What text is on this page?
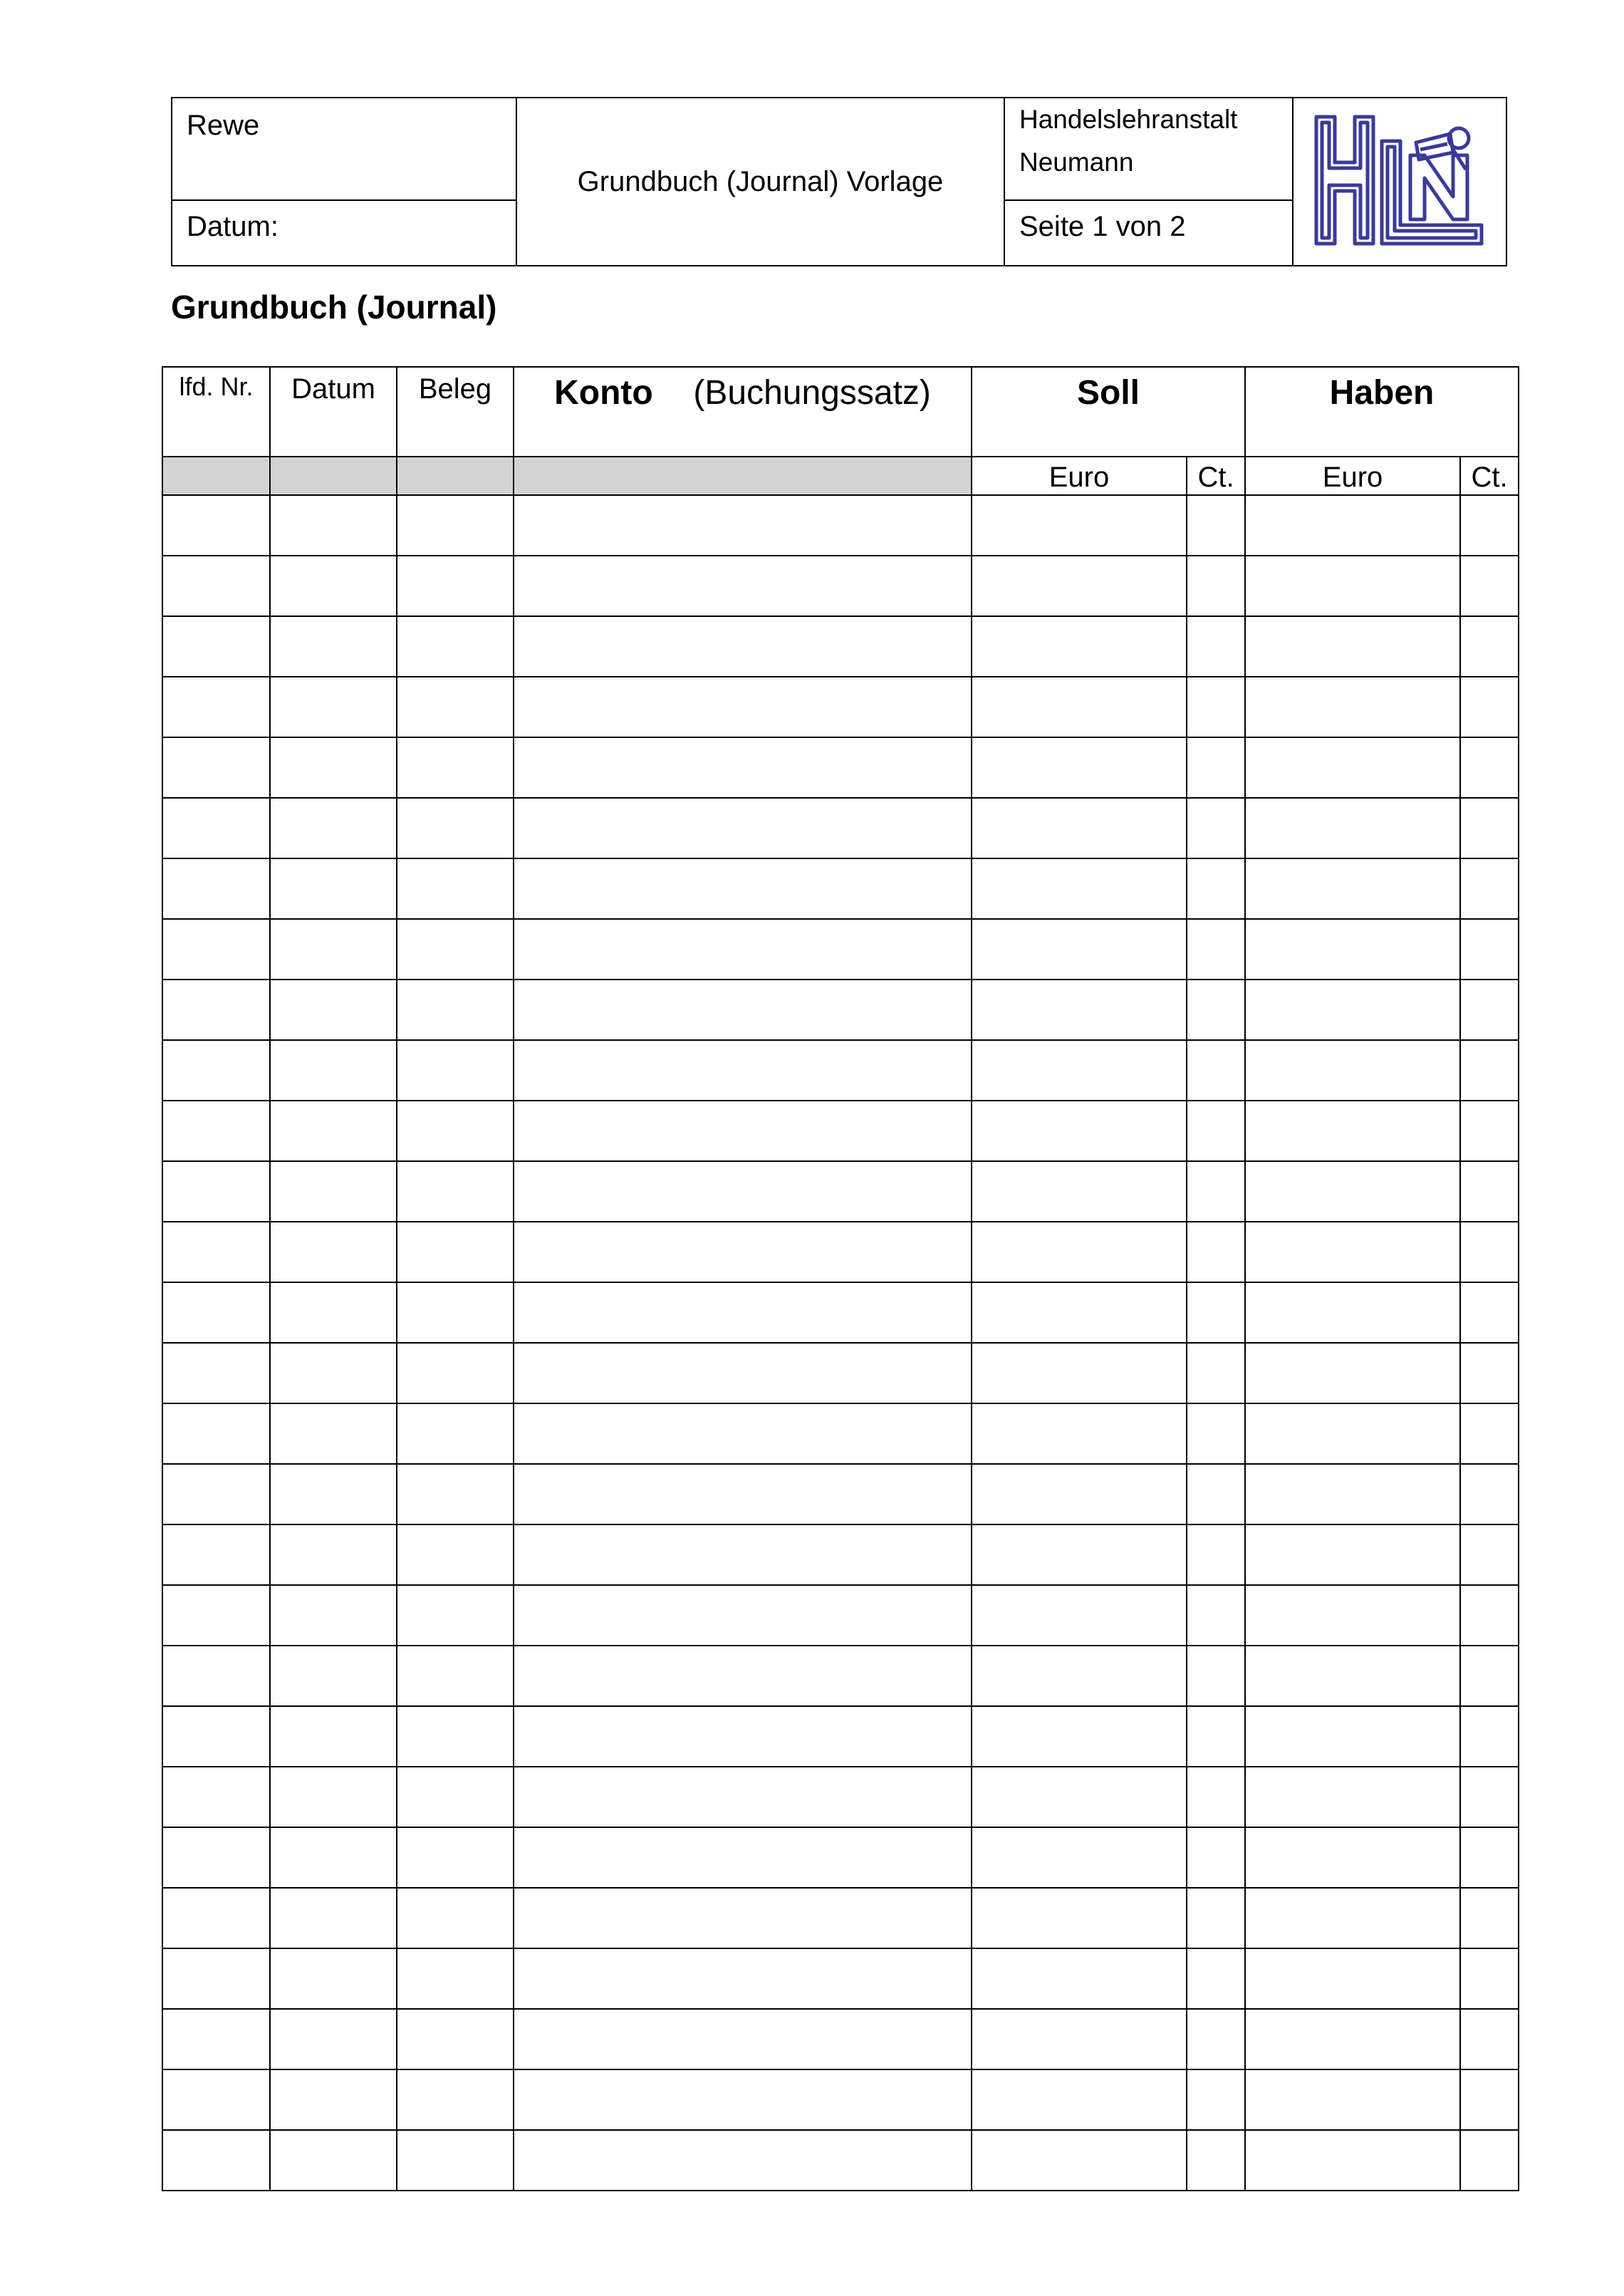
Rewe	Grundbuch (Journal) Vorlage	Handelslehranstalt
Neumann	HLN

Datum:		Seite 1 von 2	
Grundbuch (Journal)
lfd. Nr.	Datum	Beleg	Konto (Buchungssatz)	Soll		Haben	
				Euro	Ct.	Euro	Ct.
